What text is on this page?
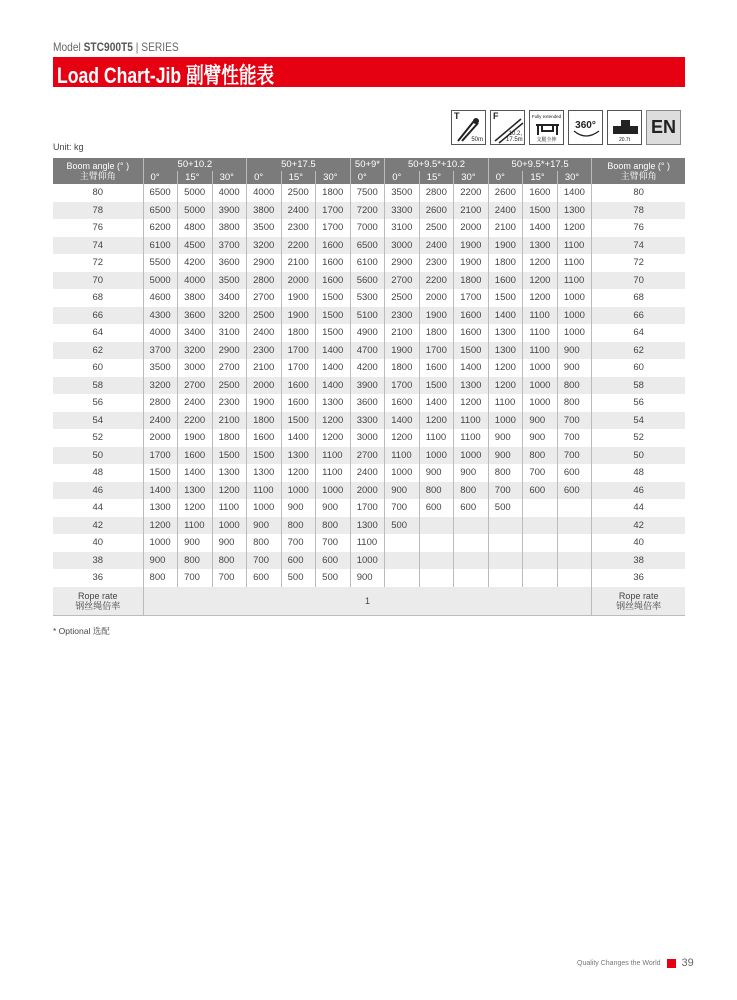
Model STC900T5 | SERIES
Load Chart-Jib 副臂性能表
T
50m
F
10.2, 17.5m
Fully extended
支腿全伸
360°
20.7t
EN
Unit: kg
Boom angle (° )
主臂仰角	50+10.2			50+17.5			50+9*	50+9.5*+10.2			50+9.5*+17.5			Boom angle (° )
主臂仰角
	0°	15°	30°	0°	15°	30°	0°	0°	15°	30°	0°	15°	30°	
80	6500	5000	4000	4000	2500	1800	7500	3500	2800	2200	2600	1600	1400	80
78	6500	5000	3900	3800	2400	1700	7200	3300	2600	2100	2400	1500	1300	78
76	6200	4800	3800	3500	2300	1700	7000	3100	2500	2000	2100	1400	1200	76
74	6100	4500	3700	3200	2200	1600	6500	3000	2400	1900	1900	1300	1100	74
72	5500	4200	3600	2900	2100	1600	6100	2900	2300	1900	1800	1200	1100	72
70	5000	4000	3500	2800	2000	1600	5600	2700	2200	1800	1600	1200	1100	70
68	4600	3800	3400	2700	1900	1500	5300	2500	2000	1700	1500	1200	1000	68
66	4300	3600	3200	2500	1900	1500	5100	2300	1900	1600	1400	1100	1000	66
64	4000	3400	3100	2400	1800	1500	4900	2100	1800	1600	1300	1100	1000	64
62	3700	3200	2900	2300	1700	1400	4700	1900	1700	1500	1300	1100	900	62
60	3500	3000	2700	2100	1700	1400	4200	1800	1600	1400	1200	1000	900	60
58	3200	2700	2500	2000	1600	1400	3900	1700	1500	1300	1200	1000	800	58
56	2800	2400	2300	1900	1600	1300	3600	1600	1400	1200	1100	1000	800	56
54	2400	2200	2100	1800	1500	1200	3300	1400	1200	1100	1000	900	700	54
52	2000	1900	1800	1600	1400	1200	3000	1200	1100	1100	900	900	700	52
50	1700	1600	1500	1500	1300	1100	2700	1100	1000	1000	900	800	700	50
48	1500	1400	1300	1300	1200	1100	2400	1000	900	900	800	700	600	48
46	1400	1300	1200	1100	1000	1000	2000	900	800	800	700	600	600	46
44	1300	1200	1100	1000	900	900	1700	700	600	600	500			44
42	1200	1100	1000	900	800	800	1300	500						42
40	1000	900	900	800	700	700	1100							40
38	900	800	800	700	600	600	1000							38
36	800	700	700	600	500	500	900							36
Rope rate
钢丝绳倍率	1													Rope rate
钢丝绳倍率
* Optional 选配
Quality Changes the World 39
